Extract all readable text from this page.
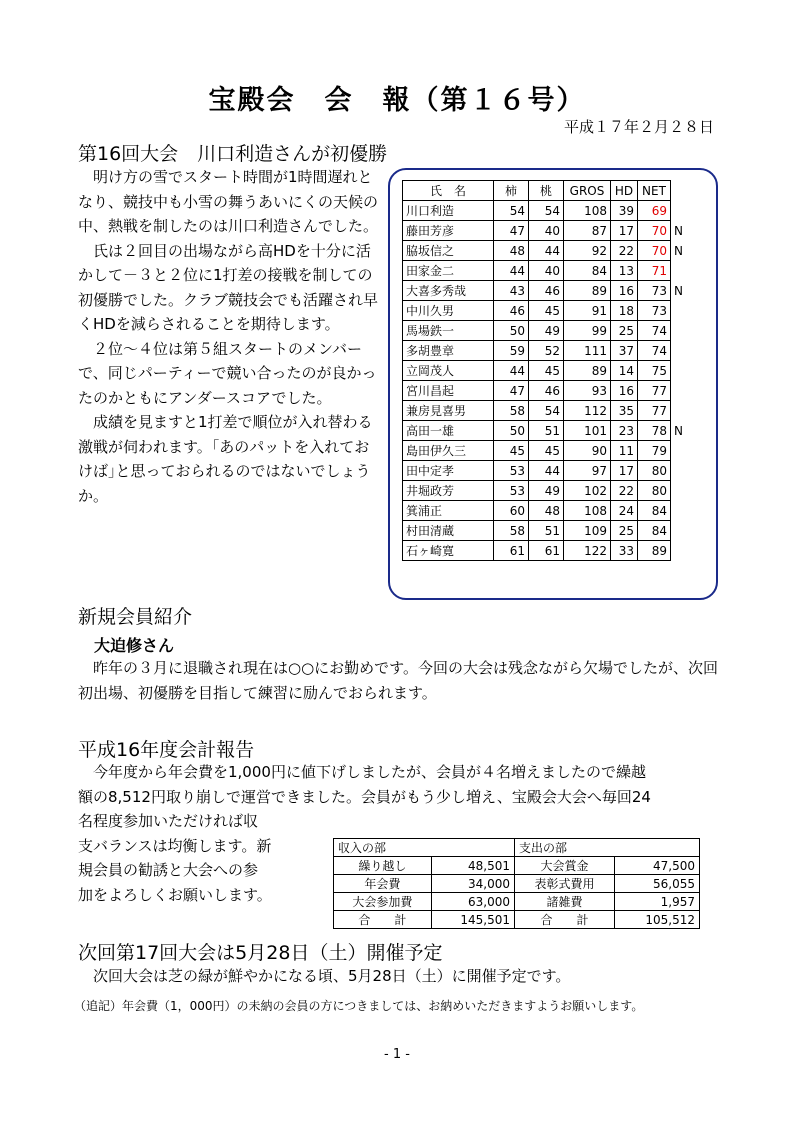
宝殿会　会　報（第１６号）
平成１７年２月２８日
第16回大会　川口利造さんが初優勝

明け方の雪でスタート時間が1時間遅れとなり、競技中も小雪の舞うあいにくの天候の中、熱戦を制したのは川口利造さんでした。

氏は２回目の出場ながら高HDを十分に活かして－３と２位に1打差の接戦を制しての初優勝でした。クラブ競技会でも活躍され早くHDを減らされることを期待します。

２位～４位は第５組スタートのメンバーで、同じパーティーで競い合ったのが良かったのかともにアンダースコアでした。

成績を見ますと1打差で順位が入れ替わる激戦が伺われます。｢あのパットを入れておけば｣と思っておられるのではないでしょうか。

氏　名	柿	桃	GROS	HD	NET	
川口利造	54	54	108	39	69	
藤田芳彦	47	40	87	17	70	N
脇坂信之	48	44	92	22	70	N
田家金二	44	40	84	13	71	
大喜多秀哉	43	46	89	16	73	N
中川久男	46	45	91	18	73	
馬場鉄一	50	49	99	25	74	
多胡豊章	59	52	111	37	74	
立岡茂人	44	45	89	14	75	
宮川昌起	47	46	93	16	77	
兼房見喜男	58	54	112	35	77	
高田一雄	50	51	101	23	78	N
島田伊久三	45	45	90	11	79	
田中定孝	53	44	97	17	80	
井堀政芳	53	49	102	22	80	
箕浦正	60	48	108	24	84	
村田清蔵	58	51	109	25	84	
石ヶ崎寛	61	61	122	33	89	
新規会員紹介
大迫修さん

昨年の３月に退職され現在は○○にお勤めです。今回の大会は残念ながら欠場でしたが、次回初出場、初優勝を目指して練習に励んでおられます。

平成16年度会計報告

今年度から年会費を1,000円に値下げしましたが、会員が４名増えましたので繰越

額の8,512円取り崩しで運営できました。会員がもう少し増え、宝殿会大会へ毎回24
名程度参加いただければ収
支バランスは均衡します。新
規会員の勧誘と大会への参
加をよろしくお願いします。
収入の部		支出の部	
繰り越し	48,501	大会賞金	47,500
年会費	34,000	表彰式費用	56,055
大会参加費	63,000	諸雑費	1,957
合　　計	145,501	合　　計	105,512
次回第17回大会は5月28日（土）開催予定

次回大会は芝の緑が鮮やかになる頃、5月28日（土）に開催予定です。

（追記）年会費（1，000円）の未納の会員の方につきましては、お納めいただきますようお願いします。
- 1 -
